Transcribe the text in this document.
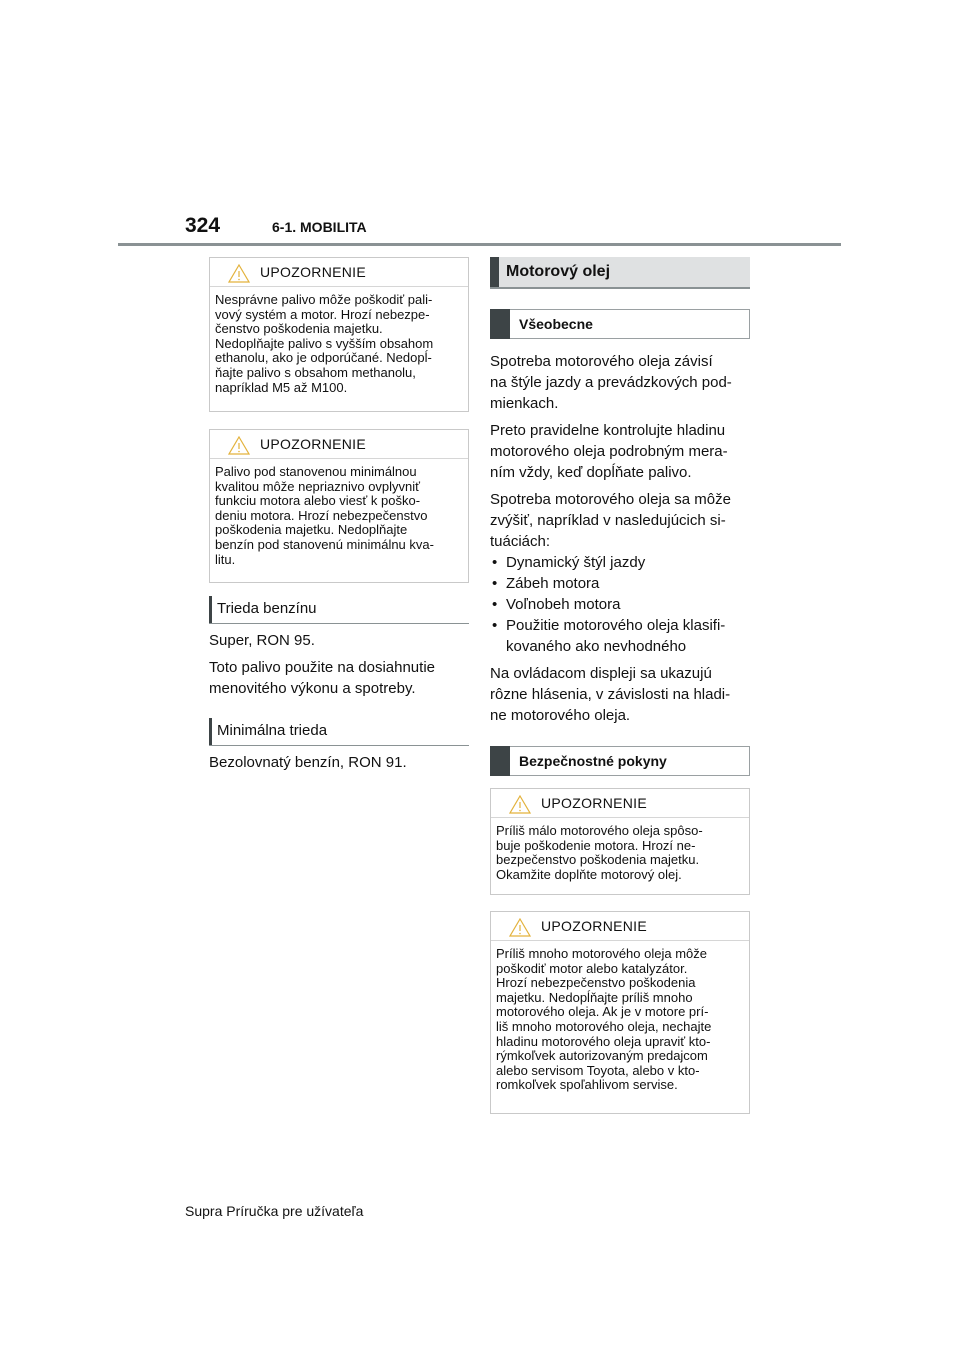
324	6-1. MOBILITA
UPOZORNENIE
Nesprávne palivo môže poškodiť pali-
vový systém a motor. Hrozí nebezpe-
čenstvo poškodenia majetku.
Nedoplňajte palivo s vyšším obsahom
ethanolu, ako je odporúčané. Nedopĺ-
ňajte palivo s obsahom methanolu,
napríklad M5 až M100.
UPOZORNENIE
Palivo pod stanovenou minimálnou
kvalitou môže nepriaznivo ovplyvniť
funkciu motora alebo viesť k poško-
deniu motora. Hrozí nebezpečenstvo
poškodenia majetku. Nedoplňajte
benzín pod stanovenú minimálnu kva-
litu.
Trieda benzínu

Super, RON 95.

Toto palivo použite na dosiahnutie
menovitého výkonu a spotreby.

Minimálna trieda

Bezolovnatý benzín, RON 91.

Motorový olej
Všeobecne

Spotreba motorového oleja závisí
na štýle jazdy a prevádzkových pod-
mienkach.

Preto pravidelne kontrolujte hladinu
motorového oleja podrobným mera-
ním vždy, keď dopĺňate palivo.

Spotreba motorového oleja sa môže
zvýšiť, napríklad v nasledujúcich si-
tuáciách:

• Dynamický štýl jazdy
• Zábeh motora
• Voľnobeh motora
• Použitie motorového oleja klasifi-
kovaného ako nevhodného

Na ovládacom displeji sa ukazujú
rôzne hlásenia, v závislosti na hladi-
ne motorového oleja.

Bezpečnostné pokyny
UPOZORNENIE
Príliš málo motorového oleja spôso-
buje poškodenie motora. Hrozí ne-
bezpečenstvo poškodenia majetku.
Okamžite doplňte motorový olej.
UPOZORNENIE
Príliš mnoho motorového oleja môže
poškodiť motor alebo katalyzátor.
Hrozí nebezpečenstvo poškodenia
majetku. Nedopĺňajte príliš mnoho
motorového oleja. Ak je v motore prí-
liš mnoho motorového oleja, nechajte
hladinu motorového oleja upraviť kto-
rýmkoľvek autorizovaným predajcom
alebo servisom Toyota, alebo v kto-
romkoľvek spoľahlivom servise.
Supra Príručka pre užívateľa
